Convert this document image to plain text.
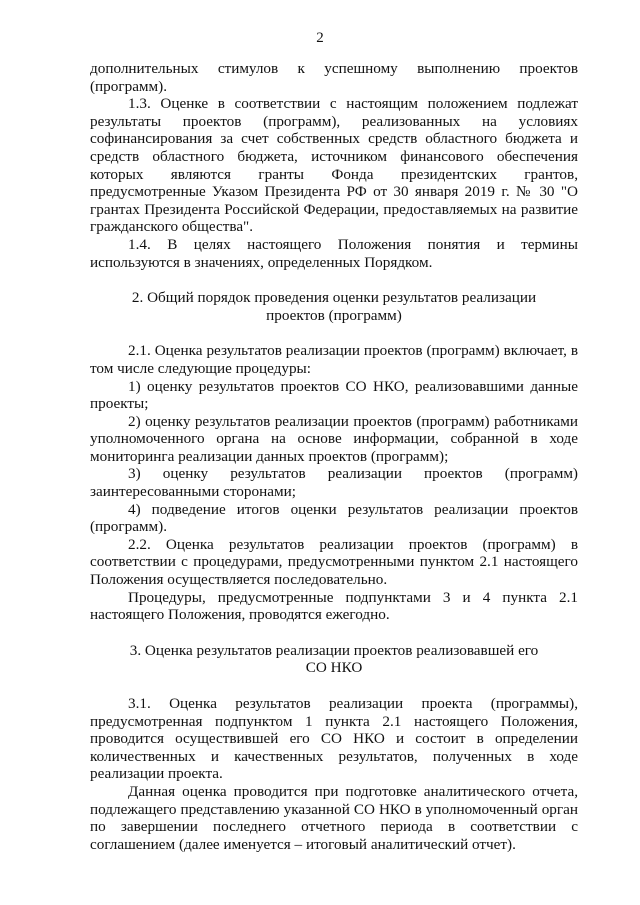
2

дополнительных стимулов к успешному выполнению проектов (программ).

1.3. Оценке в соответствии с настоящим положением подлежат результаты проектов (программ), реализованных на условиях софинансирования за счет собственных средств областного бюджета и средств областного бюджета, источником финансового обеспечения которых являются гранты Фонда президентских грантов, предусмотренные Указом Президента РФ от 30 января 2019 г. № 30 "О грантах Президента Российской Федерации, предоставляемых на развитие гражданского общества".

1.4. В целях настоящего Положения понятия и термины используются в значениях, определенных Порядком.

2. Общий порядок проведения оценки результатов реализации
проектов (программ)

2.1. Оценка результатов реализации проектов (программ) включает, в том числе следующие процедуры:

1) оценку результатов проектов СО НКО, реализовавшими данные проекты;

2) оценку результатов реализации проектов (программ) работниками уполномоченного органа на основе информации, собранной в ходе мониторинга реализации данных проектов (программ);

3) оценку результатов реализации проектов (программ) заинтересованными сторонами;

4) подведение итогов оценки результатов реализации проектов (программ).

2.2. Оценка результатов реализации проектов (программ) в соответствии с процедурами, предусмотренными пунктом 2.1 настоящего Положения осуществляется последовательно.

Процедуры, предусмотренные подпунктами 3 и 4 пункта 2.1 настоящего Положения, проводятся ежегодно.

3. Оценка результатов реализации проектов реализовавшей его
СО НКО

3.1. Оценка результатов реализации проекта (программы), предусмотренная подпунктом 1 пункта 2.1 настоящего Положения, проводится осуществившей его СО НКО и состоит в определении количественных и качественных результатов, полученных в ходе реализации проекта.

Данная оценка проводится при подготовке аналитического отчета, подлежащего представлению указанной СО НКО в уполномоченный орган по завершении последнего отчетного периода в соответствии с соглашением (далее именуется – итоговый аналитический отчет).
